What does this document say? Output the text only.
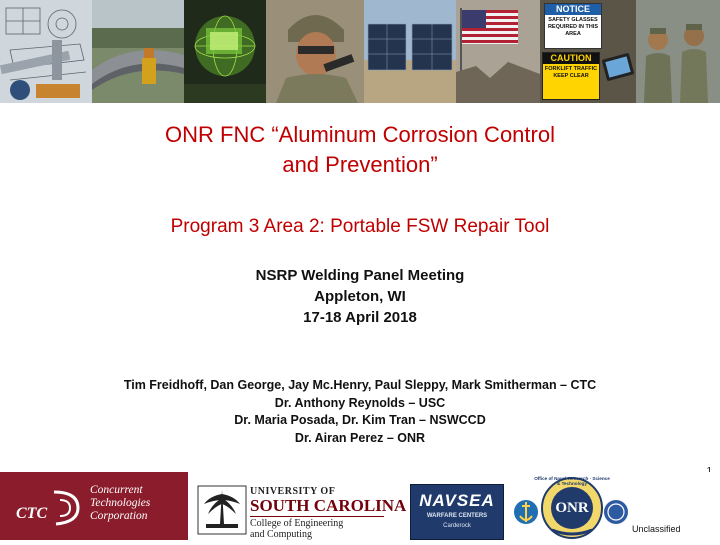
NOTICE
SAFETY GLASSES REQUIRED IN THIS AREA
CAUTION
FORKLIFT TRAFFIC KEEP CLEAR
ONR FNC “Aluminum Corrosion Control
and Prevention”
Program 3 Area 2: Portable FSW Repair Tool
NSRP Welding Panel Meeting
Appleton, WI
17-18 April 2018
Tim Freidhoff, Dan George, Jay Mc.Henry, Paul Sleppy, Mark Smitherman – CTC
Dr. Anthony Reynolds – USC
Dr. Maria Posada, Dr. Kim Tran – NSWCCD
Dr. Airan Perez – ONR
CTC
Concurrent
Technologies
Corporation
UNIVERSITY OF
SOUTH CAROLINA
College of Engineering
and Computing
NAVSEA
WARFARE CENTERS
Carderock
ONR
Office of Naval Research · Science & Technology
Unclassified
